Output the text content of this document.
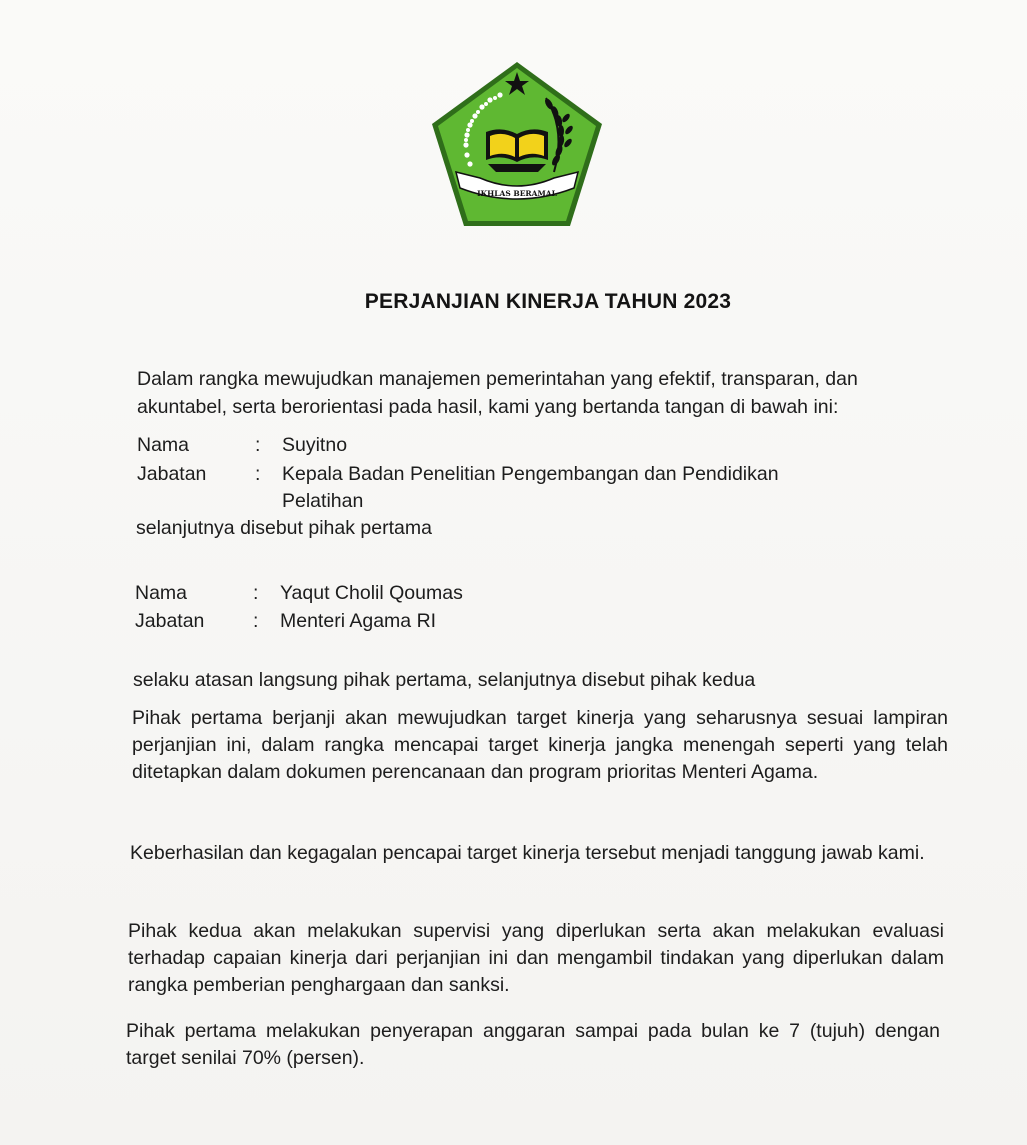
IKHLAS BERAMAL
PERJANJIAN KINERJA TAHUN 2023
Dalam rangka mewujudkan manajemen pemerintahan yang efektif, transparan, dan
akuntabel, serta berorientasi pada hasil, kami yang bertanda tangan di bawah ini:
Nama	: Suyitno
Jabatan : Kepala Badan Penelitian Pengembangan dan Pendidikan
Pelatihan
selanjutnya disebut pihak pertama
Nama	: Yaqut Cholil Qoumas
Jabatan : Menteri Agama RI
selaku atasan langsung pihak pertama, selanjutnya disebut pihak kedua
Pihak pertama berjanji akan mewujudkan target kinerja yang seharusnya sesuai lampiran perjanjian ini, dalam rangka mencapai target kinerja jangka menengah seperti yang telah ditetapkan dalam dokumen perencanaan dan program prioritas Menteri Agama.
Keberhasilan dan kegagalan pencapai target kinerja tersebut menjadi tanggung jawab kami.
Pihak kedua akan melakukan supervisi yang diperlukan serta akan melakukan evaluasi terhadap capaian kinerja dari perjanjian ini dan mengambil tindakan yang diperlukan dalam rangka pemberian penghargaan dan sanksi.
Pihak pertama melakukan penyerapan anggaran sampai pada bulan ke 7 (tujuh) dengan target senilai 70% (persen).
